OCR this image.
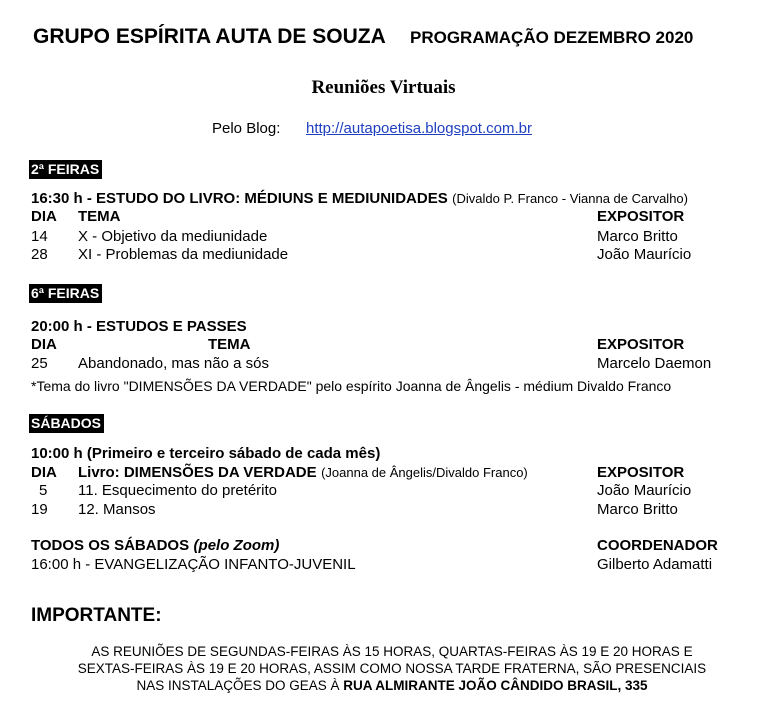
GRUPO ESPÍRITA AUTA DE SOUZA PROGRAMAÇÃO DEZEMBRO 2020
Reuniões Virtuais
Pelo Blog: http://autapoetisa.blogspot.com.br
2ª FEIRAS
16:30 h - ESTUDO DO LIVRO: MÉDIUNS E MEDIUNIDADES (Divaldo P. Franco - Vianna de Carvalho)
DIA TEMA	EXPOSITOR
14 X - Objetivo da mediunidade	Marco Britto
28 XI - Problemas da mediunidade	João Maurício
6ª FEIRAS
20:00 h - ESTUDOS E PASSES
DIA	TEMA	EXPOSITOR
25 Abandonado, mas não a sós	Marcelo Daemon
*Tema do livro "DIMENSÕES DA VERDADE" pelo espírito Joanna de Ângelis - médium Divaldo Franco
SÁBADOS
10:00 h (Primeiro e terceiro sábado de cada mês)
DIA Livro: DIMENSÕES DA VERDADE (Joanna de Ângelis/Divaldo Franco)	EXPOSITOR
5 11. Esquecimento do pretérito	João Maurício
19 12. Mansos	Marco Britto
TODOS OS SÁBADOS (pelo Zoom)	COORDENADOR
16:00 h - EVANGELIZAÇÃO INFANTO-JUVENIL	Gilberto Adamatti
IMPORTANTE:
AS REUNIÕES DE SEGUNDAS-FEIRAS ÀS 15 HORAS, QUARTAS-FEIRAS ÀS 19 E 20 HORAS E
SEXTAS-FEIRAS ÀS 19 E 20 HORAS, ASSIM COMO NOSSA TARDE FRATERNA, SÃO PRESENCIAIS
NAS INSTALAÇÕES DO GEAS À RUA ALMIRANTE JOÃO CÂNDIDO BRASIL, 335
